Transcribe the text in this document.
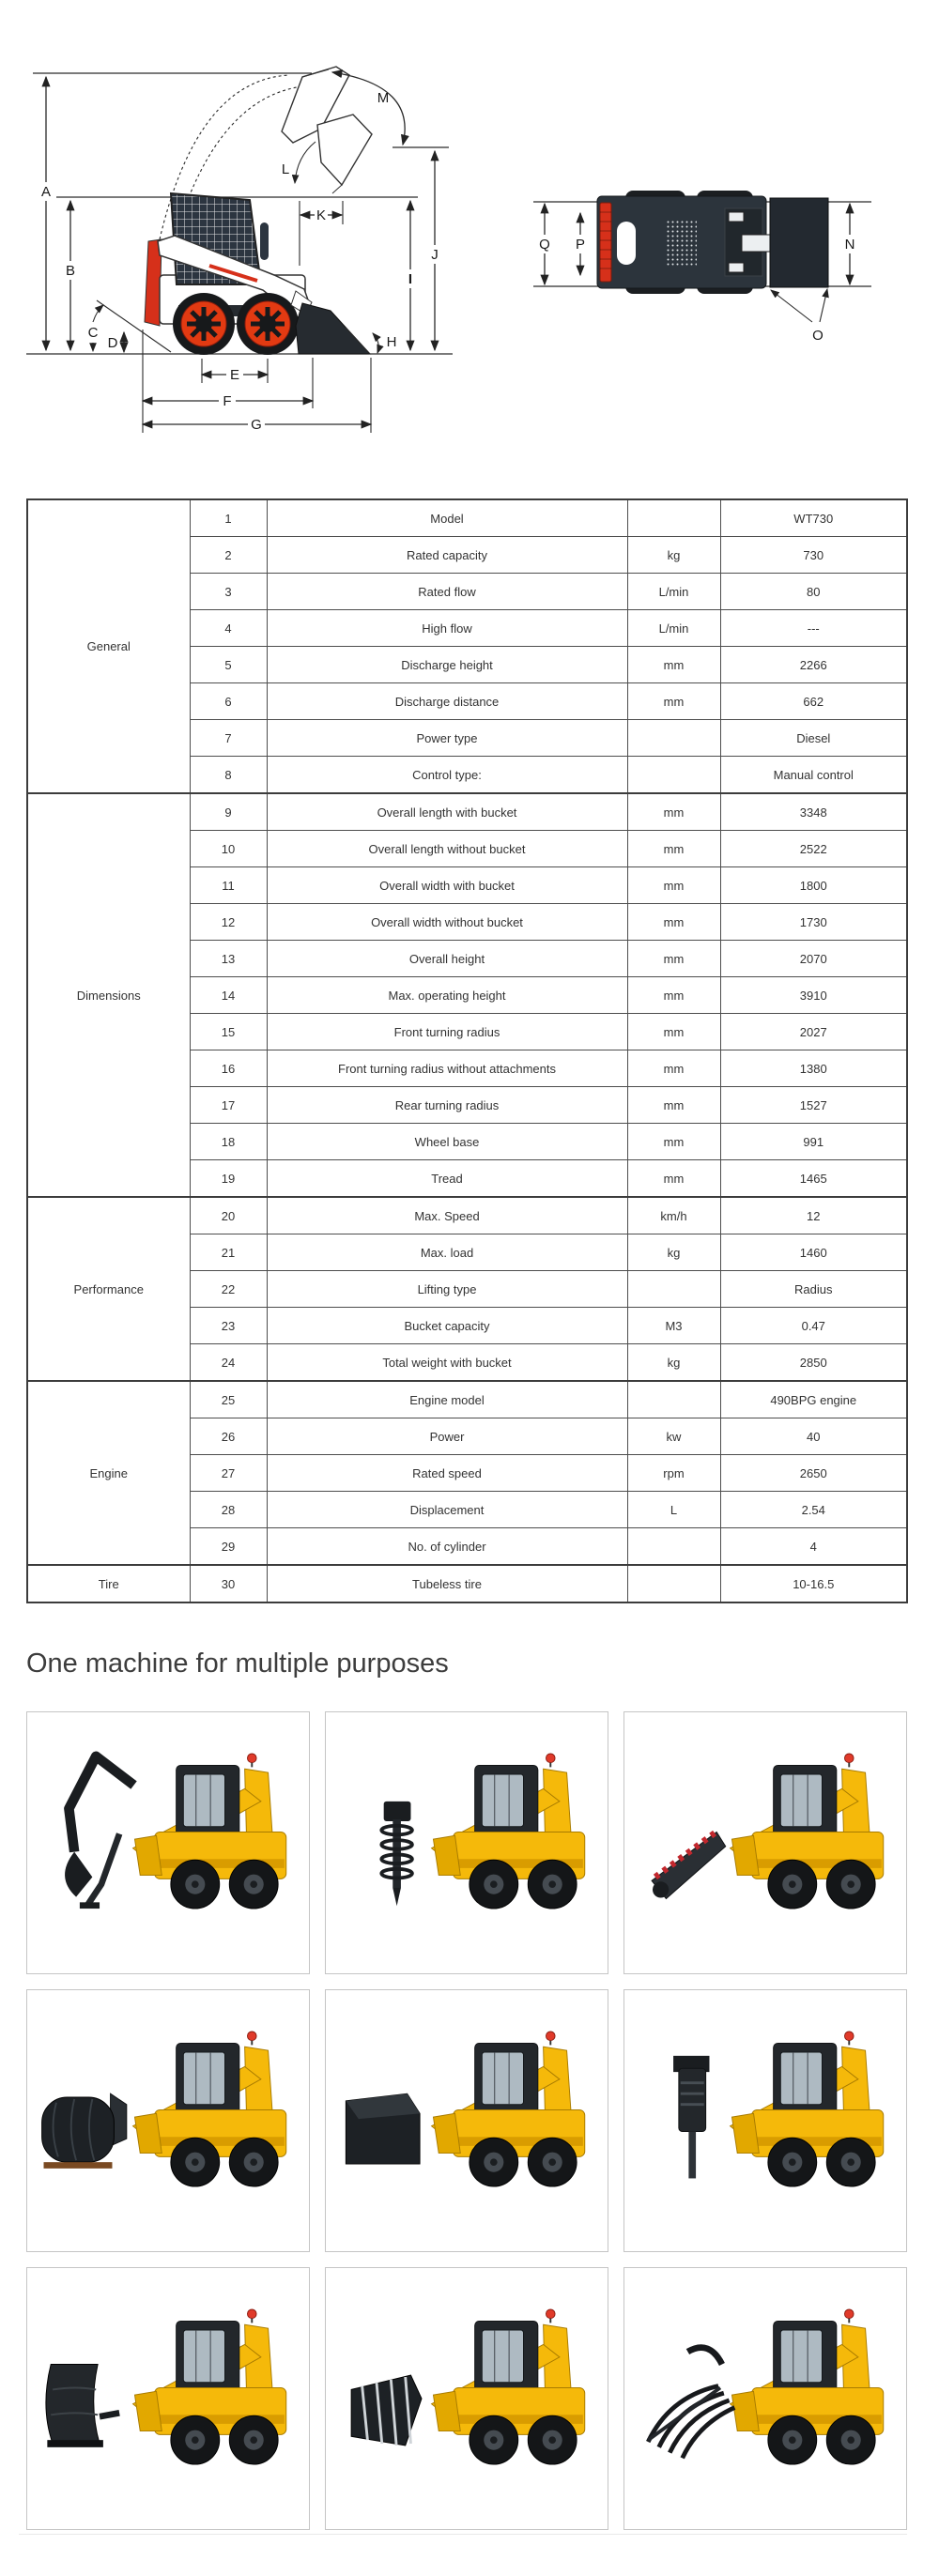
A
B
C
D
E
F
G
H
I
J
K
L
M
Q P	N
O
General	1	Model		WT730
	2	Rated capacity	kg	730
	3	Rated flow	L/min	80
	4	High flow	L/min	---
	5	Discharge height	mm	2266
	6	Discharge distance	mm	662
	7	Power type		Diesel
	8	Control type:		Manual control
Dimensions	9	Overall length with bucket	mm	3348
	10	Overall length without bucket	mm	2522
	11	Overall width with bucket	mm	1800
	12	Overall width without bucket	mm	1730
	13	Overall height	mm	2070
	14	Max. operating height	mm	3910
	15	Front turning radius	mm	2027
	16	Front turning radius without attachments	mm	1380
	17	Rear turning radius	mm	1527
	18	Wheel base	mm	991
	19	Tread	mm	1465
Performance	20	Max. Speed	km/h	12
	21	Max. load	kg	1460
	22	Lifting type		Radius
	23	Bucket capacity	M3	0.47
	24	Total weight with bucket	kg	2850
Engine	25	Engine model		490BPG engine
	26	Power	kw	40
	27	Rated speed	rpm	2650
	28	Displacement	L	2.54
	29	No. of cylinder		4
Tire	30	Tubeless tire		10-16.5
One machine for multiple purposes
